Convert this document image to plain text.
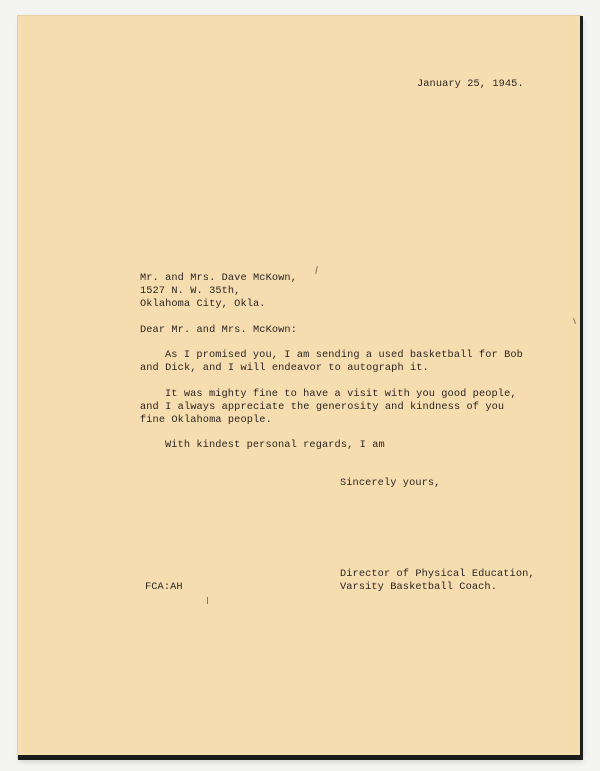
January 25, 1945.
Mr. and Mrs. Dave McKown,
1527 N. W. 35th,
Oklahoma City, Okla.
Dear Mr. and Mrs. McKown:
As I promised you, I am sending a used basketball for Bob
and Dick, and I will endeavor to autograph it.
It was mighty fine to have a visit with you good people,
and I always appreciate the generosity and kindness of you
fine Oklahoma people.
With kindest personal regards, I am
Sincerely yours,
Director of Physical Education,
Varsity Basketball Coach.
FCA:AH
